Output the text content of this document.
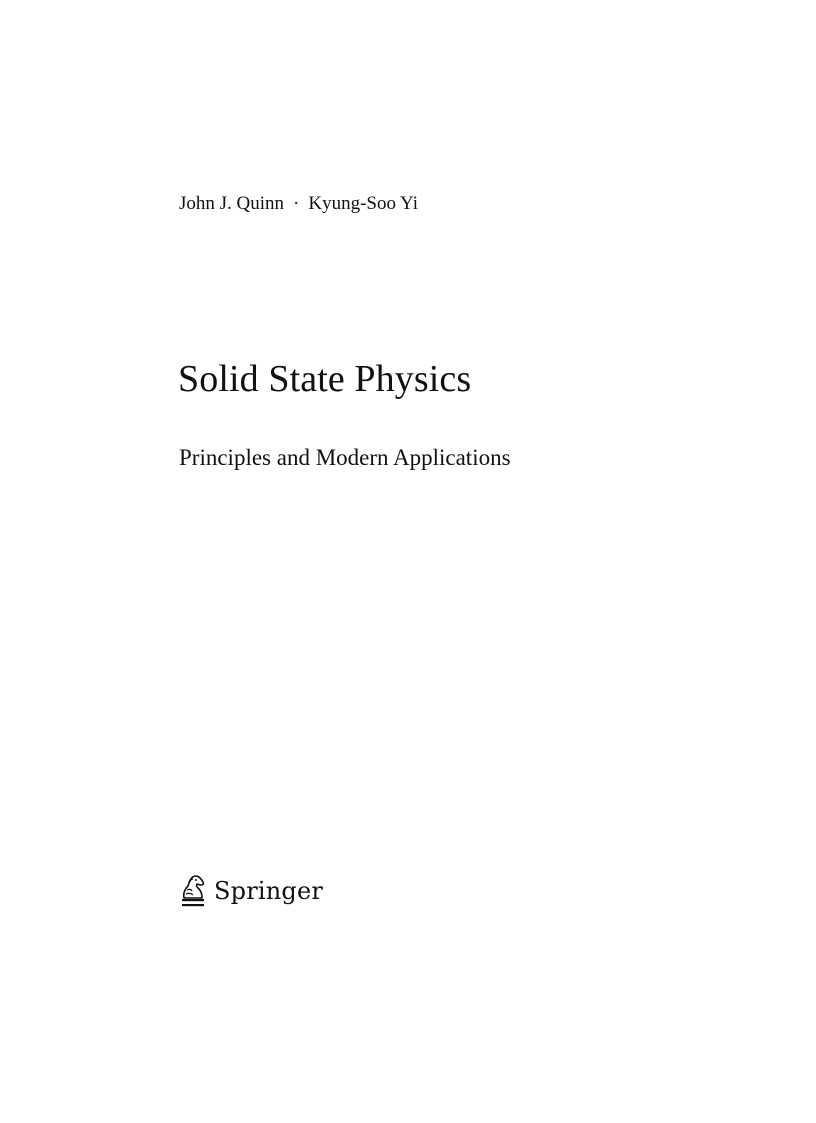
John J. Quinn · Kyung-Soo Yi
Solid State Physics
Principles and Modern Applications
Springer
